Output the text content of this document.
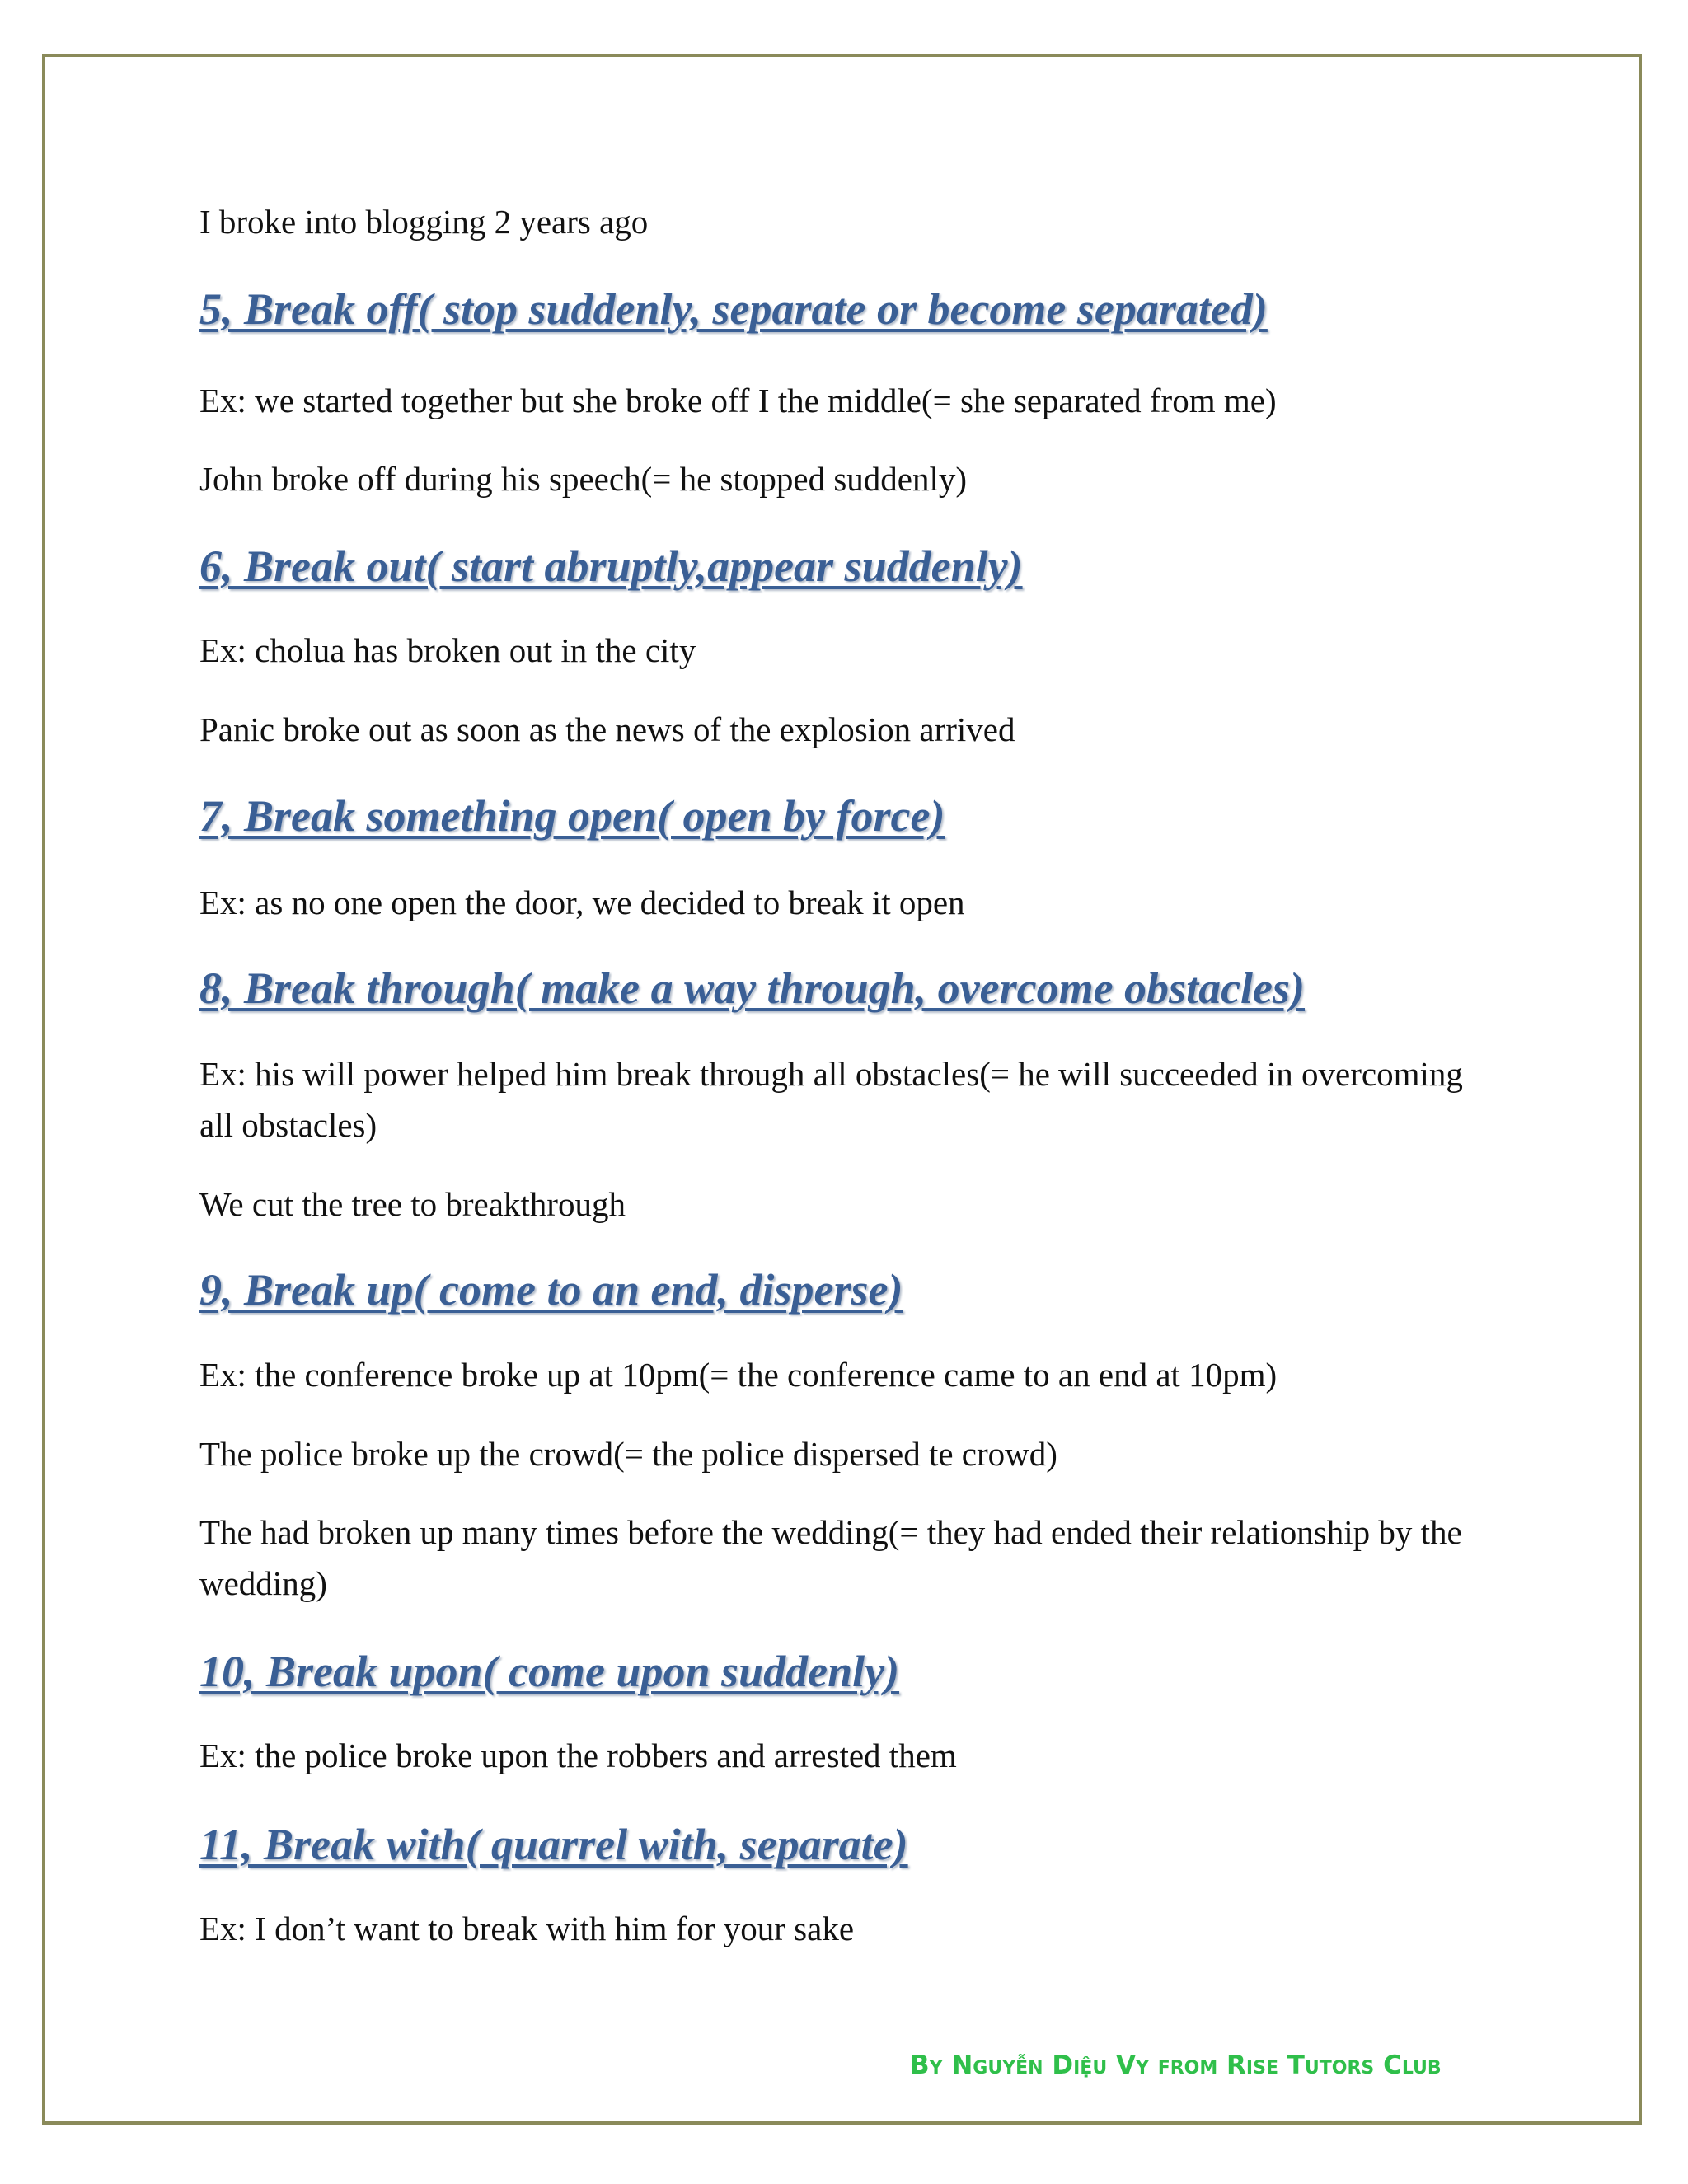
I broke into blogging 2 years ago

5, Break off( stop suddenly, separate or become separated)

Ex: we started together but she broke off I the middle(= she separated from me)

John broke off during his speech(= he stopped suddenly)

6, Break out( start abruptly,appear suddenly)

Ex: cholua has broken out in the city

Panic broke out as soon as the news of the explosion arrived

7, Break something open( open by force)

Ex: as no one open the door, we decided to break it open

8, Break through( make a way through, overcome obstacles)

Ex: his will power helped him break through all obstacles(= he will succeeded in overcoming all obstacles)

We cut the tree to breakthrough

9, Break up( come to an end, disperse)

Ex: the conference broke up at 10pm(= the conference came to an end at 10pm)

The police broke up the crowd(= the police dispersed te crowd)

The had broken up many times before the wedding(= they had ended their relationship by the wedding)

10, Break upon( come upon suddenly)

Ex: the police broke upon the robbers and arrested them

11, Break with( quarrel with, separate)

Ex: I don’t want to break with him for your sake

By Nguyễn Diệu Vy from Rise Tutors Club
